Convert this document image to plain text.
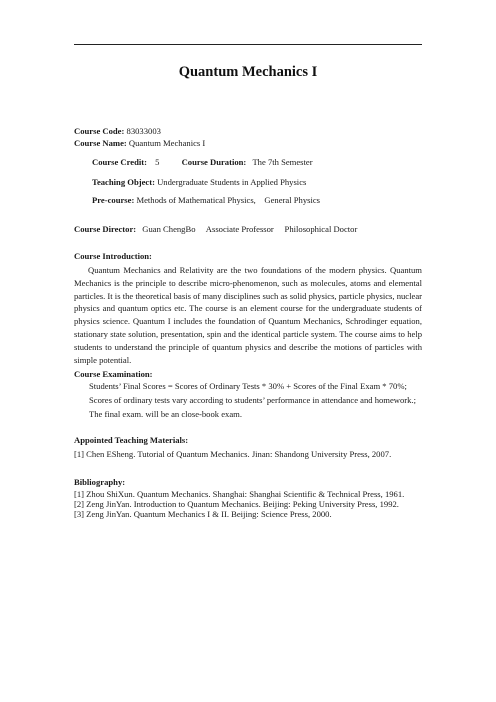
Quantum Mechanics I
Course Code: 83033003
Course Name: Quantum Mechanics I
Course Credit: 5	Course Duration: The 7th Semester
Teaching Object: Undergraduate Students in Applied Physics
Pre-course: Methods of Mathematical Physics,    General Physics
Course Director: Guan ChengBo     Associate Professor     Philosophical Doctor
Course Introduction:
Quantum Mechanics and Relativity are the two foundations of the modern physics. Quantum Mechanics is the principle to describe micro-phenomenon, such as molecules, atoms and elemental particles. It is the theoretical basis of many disciplines such as solid physics, particle physics, nuclear physics and quantum optics etc. The course is an element course for the undergraduate students of physics science. Quantum I includes the foundation of Quantum Mechanics, Schrodinger equation, stationary state solution, presentation, spin and the identical particle system. The course aims to help students to understand the principle of quantum physics and describe the motions of particles with simple potential.
Course Examination:
Students’ Final Scores = Scores of Ordinary Tests * 30% + Scores of the Final Exam * 70%;
Scores of ordinary tests vary according to students’ performance in attendance and homework.;
The final exam. will be an close-book exam.
Appointed Teaching Materials:
[1] Chen ESheng. Tutorial of Quantum Mechanics. Jinan: Shandong University Press, 2007.
Bibliography:
[1] Zhou ShiXun. Quantum Mechanics. Shanghai: Shanghai Scientific & Technical Press, 1961.
[2] Zeng JinYan. Introduction to Quantum Mechanics. Beijing: Peking University Press, 1992.
[3] Zeng JinYan. Quantum Mechanics I & II. Beijing: Science Press, 2000.
